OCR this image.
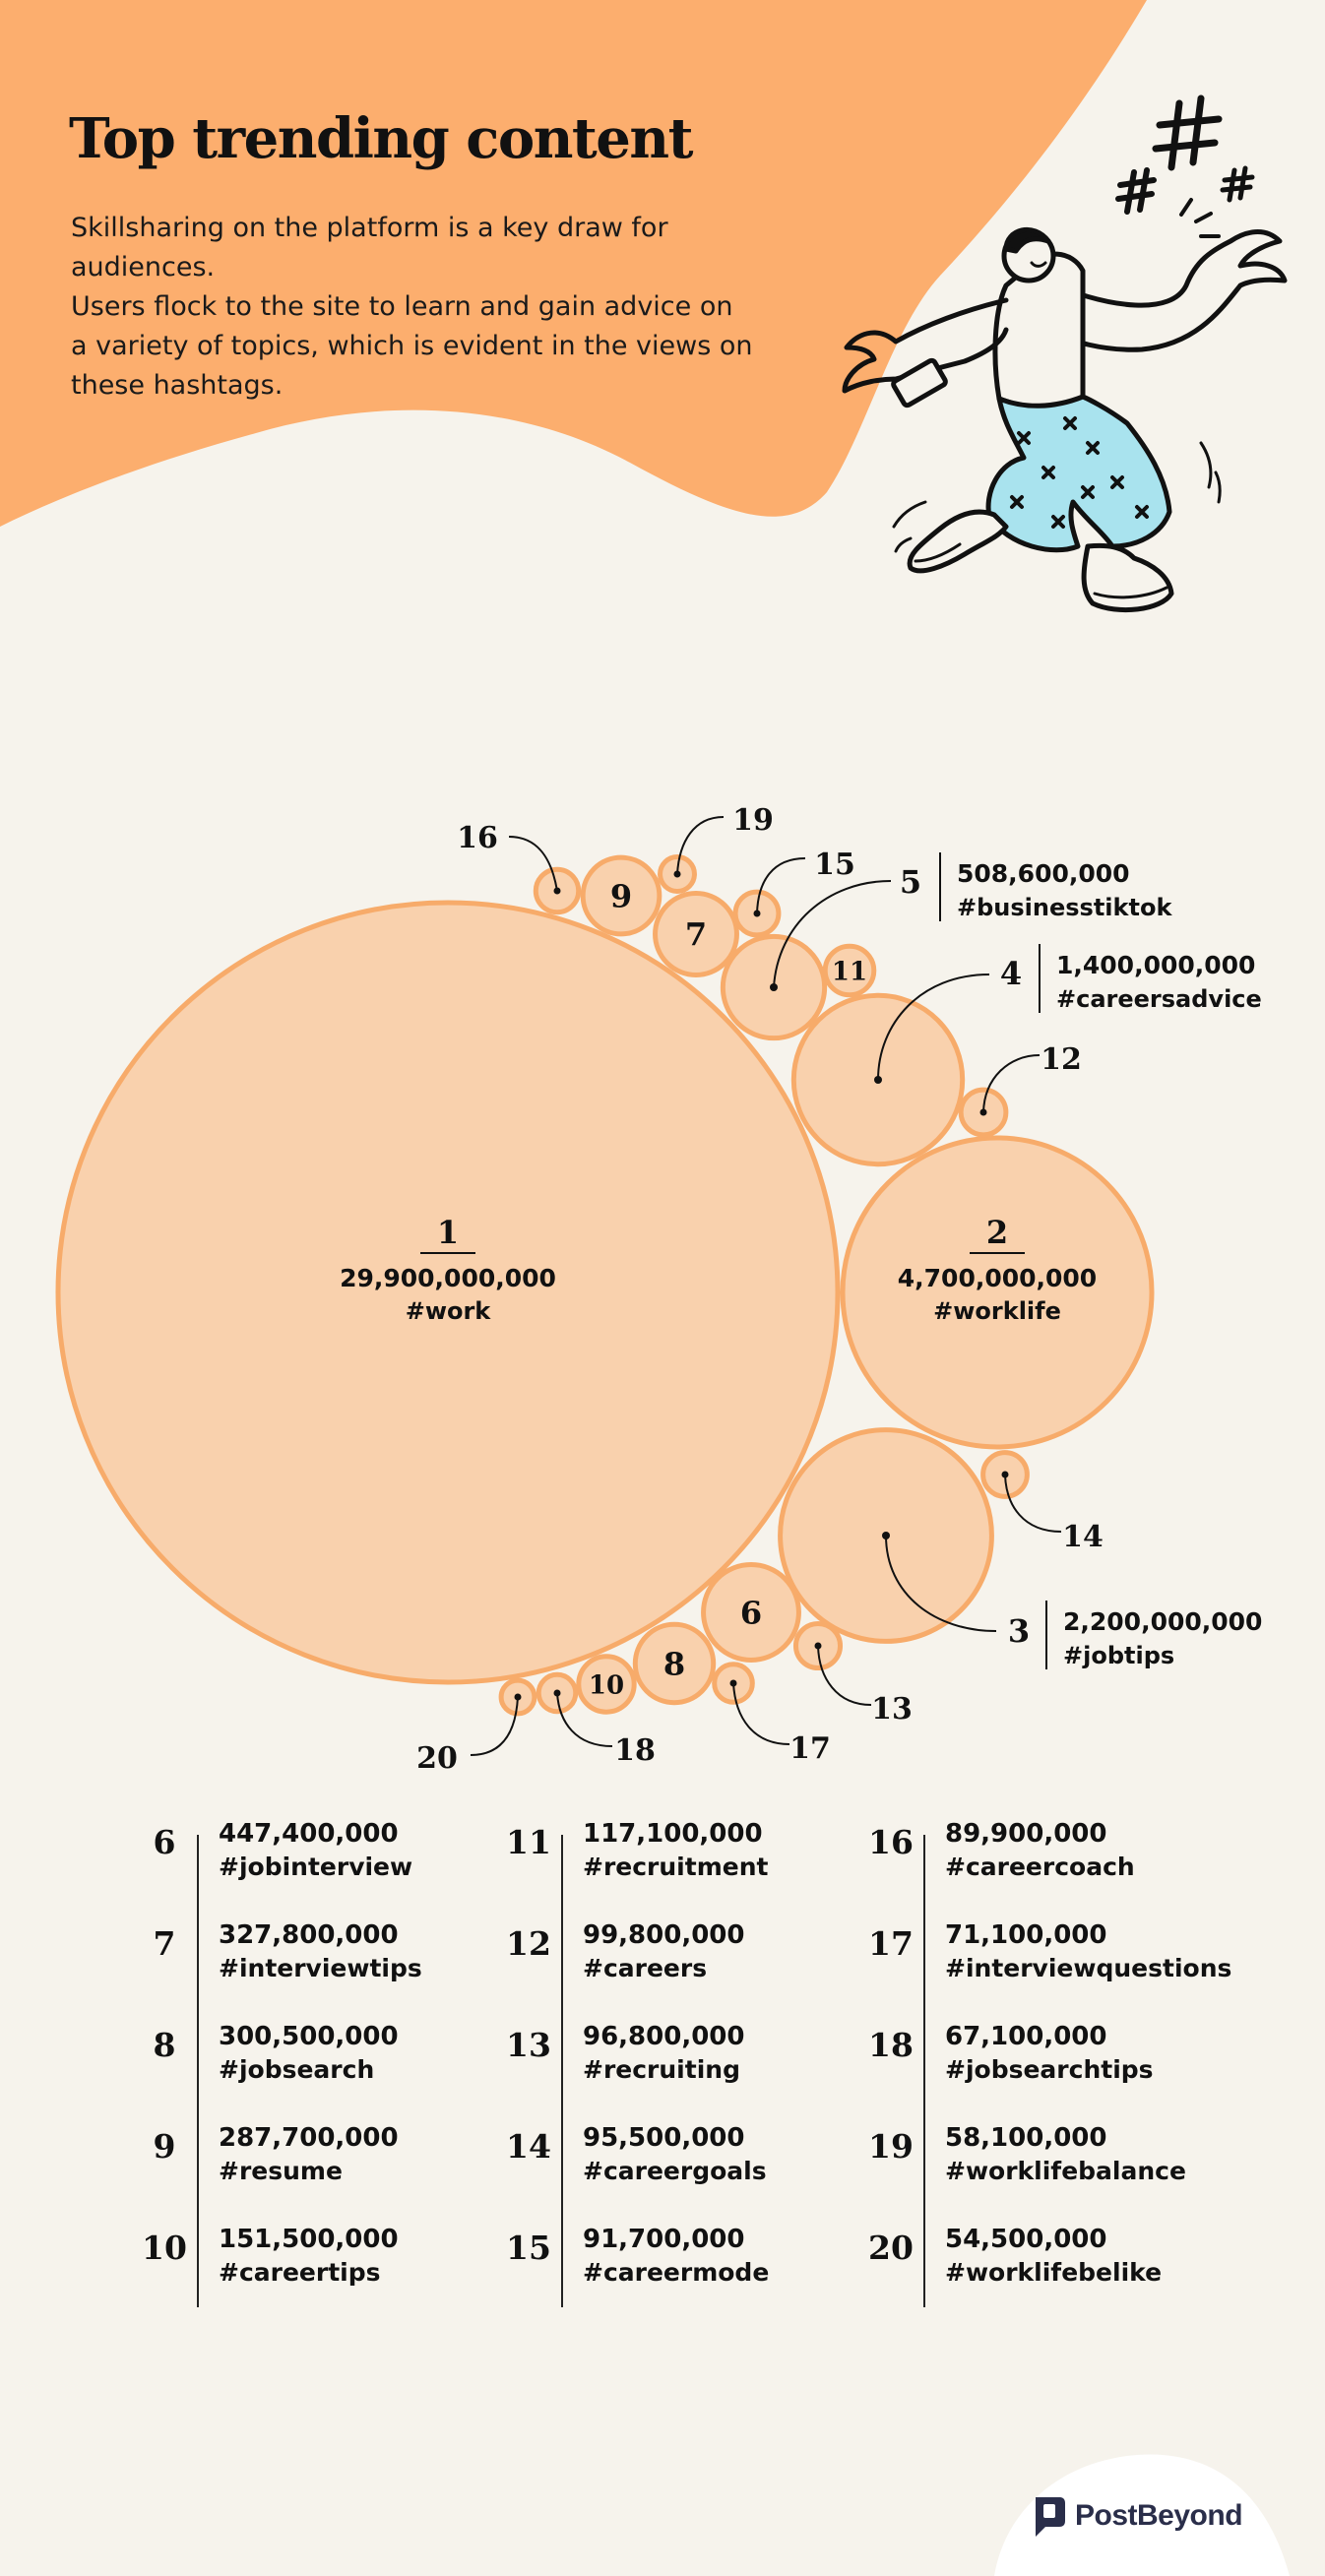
Top trending content

Skillsharing on the platform is a key draw for audiences.
Users flock to the site to learn and gain advice on
a variety of topics, which is evident in the views on
these hashtags.

1
29,900,000,000
#work
2
4,700,000,000
#worklife
6
7
8
9
10
11
16
19
15
12
14
13
17
18
20
5 508,600,000
#businesstiktok
4 1,400,000,000
#careersadvice
3 2,200,000,000
#jobtips
6	447,400,000
#jobinterview
7	327,800,000
#interviewtips
8	300,500,000
#jobsearch
9	287,700,000
#resume
10 151,500,000
#careertips
11 117,100,000
#recruitment
12 99,800,000
#careers
13 96,800,000
#recruiting
14 95,500,000
#careergoals
15 91,700,000
#careermode
16 89,900,000
#careercoach
17 71,100,000
#interviewquestions
18 67,100,000
#jobsearchtips
19 58,100,000
#worklifebalance
20 54,500,000
#worklifebelike
PostBeyond
